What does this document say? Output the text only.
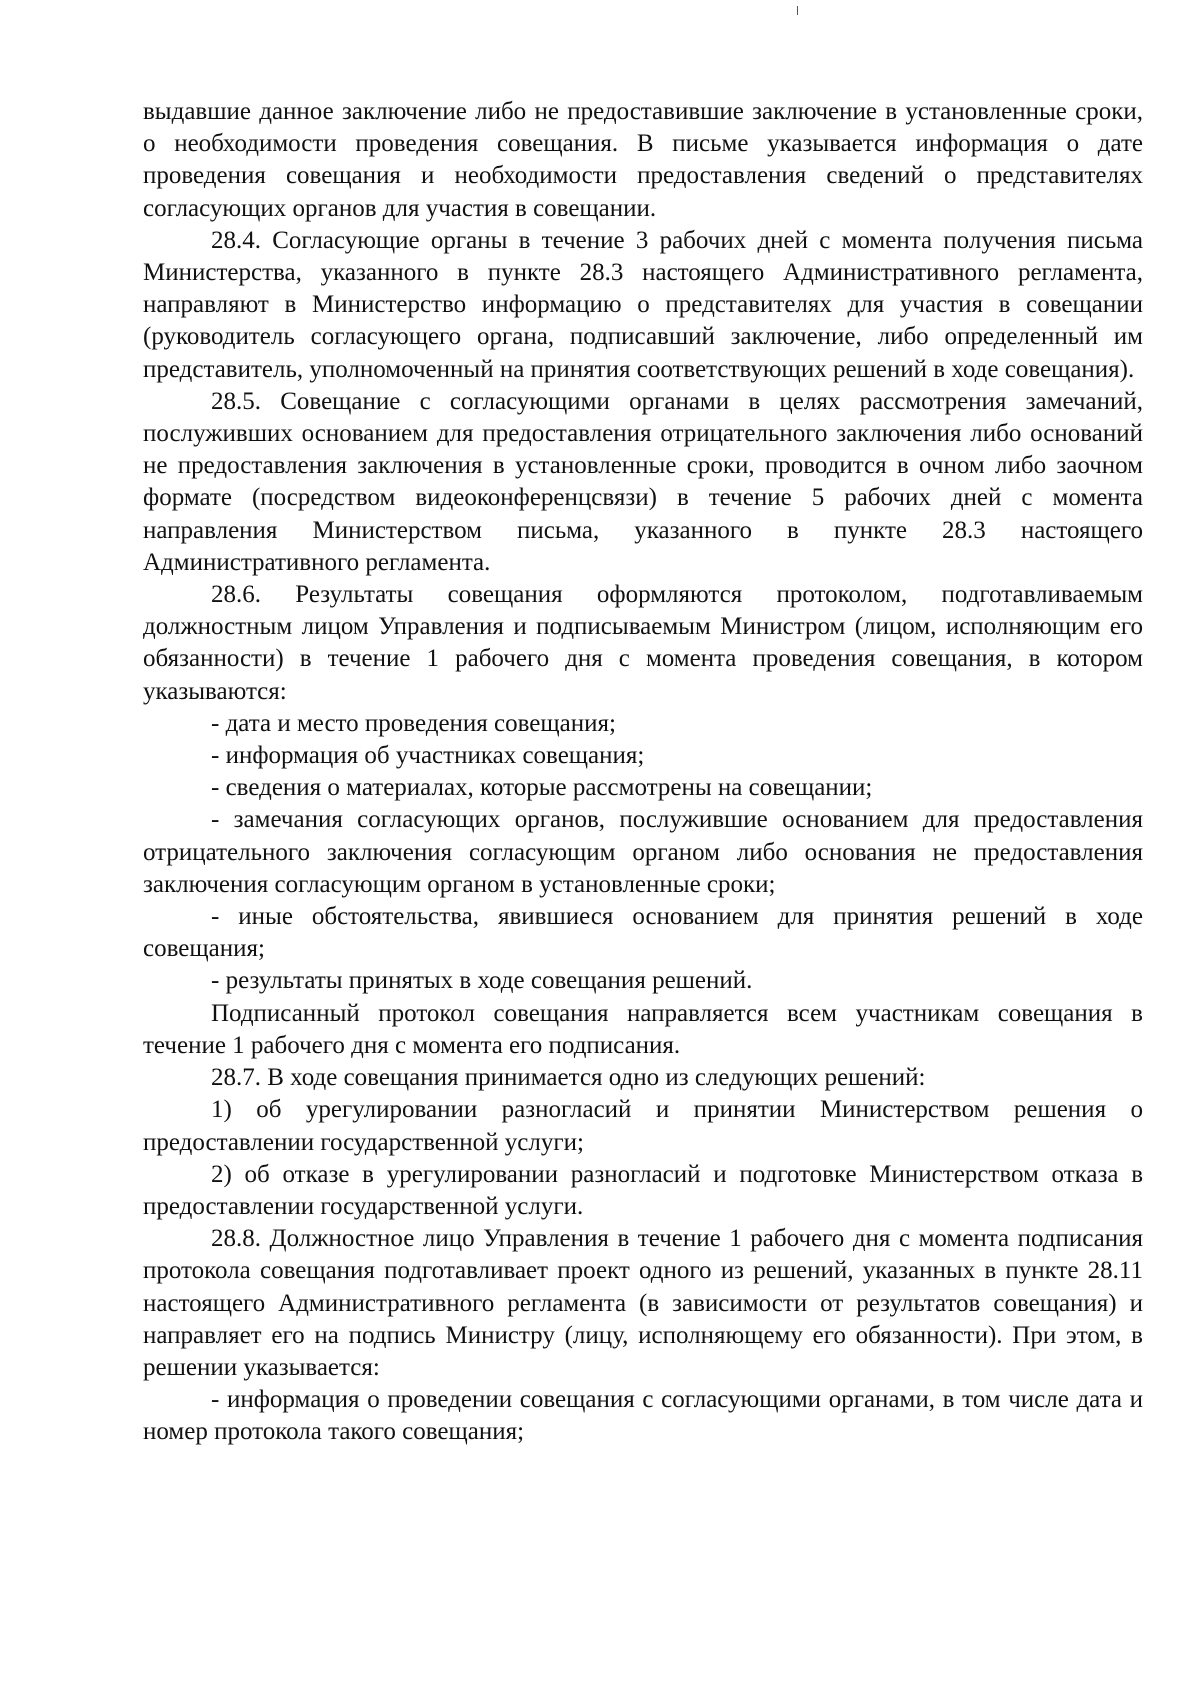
выдавшие данное заключение либо не предоставившие заключение в установленные сроки, о необходимости проведения совещания. В письме указывается информация о дате проведения совещания и необходимости предоставления сведений о представителях согласующих органов для участия в совещании.

28.4. Согласующие органы в течение 3 рабочих дней с момента получения письма Министерства, указанного в пункте 28.3 настоящего Административного регламента, направляют в Министерство информацию о представителях для участия в совещании (руководитель согласующего органа, подписавший заключение, либо определенный им представитель, уполномоченный на принятия соответствующих решений в ходе совещания).

28.5. Совещание с согласующими органами в целях рассмотрения замечаний, послуживших основанием для предоставления отрицательного заключения либо оснований не предоставления заключения в установленные сроки, проводится в очном либо заочном формате (посредством видеоконференцсвязи) в течение 5 рабочих дней с момента направления Министерством письма, указанного в пункте 28.3 настоящего Административного регламента.

28.6. Результаты совещания оформляются протоколом, подготавливаемым должностным лицом Управления и подписываемым Министром (лицом, исполняющим его обязанности) в течение 1 рабочего дня с момента проведения совещания, в котором указываются:

- дата и место проведения совещания;

- информация об участниках совещания;

- сведения о материалах, которые рассмотрены на совещании;

- замечания согласующих органов, послужившие основанием для предоставления отрицательного заключения согласующим органом либо основания не предоставления заключения согласующим органом в установленные сроки;

- иные обстоятельства, явившиеся основанием для принятия решений в ходе совещания;

- результаты принятых в ходе совещания решений.

Подписанный протокол совещания направляется всем участникам совещания в течение 1 рабочего дня с момента его подписания.

28.7. В ходе совещания принимается одно из следующих решений:

1) об урегулировании разногласий и принятии Министерством решения о предоставлении государственной услуги;

2) об отказе в урегулировании разногласий и подготовке Министерством отказа в предоставлении государственной услуги.

28.8. Должностное лицо Управления в течение 1 рабочего дня с момента подписания протокола совещания подготавливает проект одного из решений, указанных в пункте 28.11 настоящего Административного регламента (в зависимости от результатов совещания) и направляет его на подпись Министру (лицу, исполняющему его обязанности). При этом, в решении указывается:

- информация о проведении совещания с согласующими органами, в том числе дата и номер протокола такого совещания;
